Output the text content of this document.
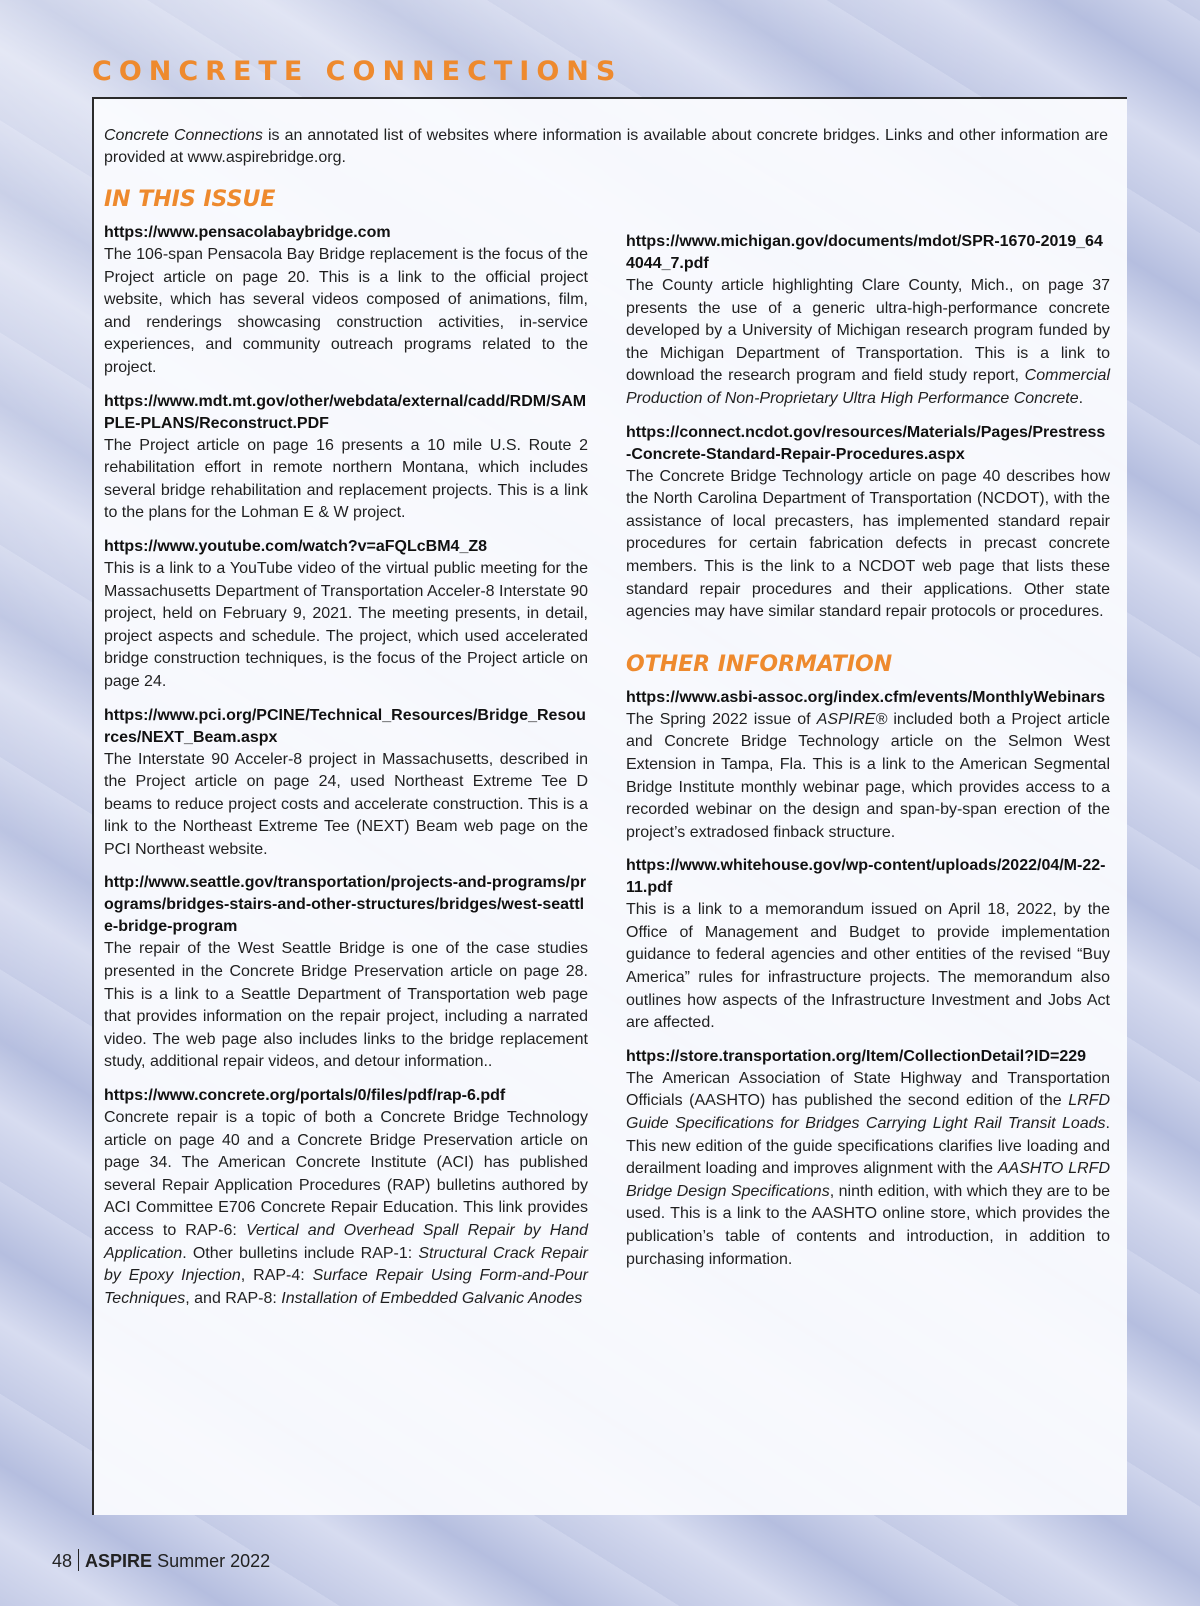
CONCRETE CONNECTIONS

Concrete Connections is an annotated list of websites where information is available about concrete bridges. Links and other information are provided at www.aspirebridge.org.

IN THIS ISSUE

https://www.pensacolabaybridge.com

The 106-span Pensacola Bay Bridge replacement is the focus of the Project article on page 20. This is a link to the official project website, which has several videos composed of animations, film, and renderings showcasing construction activities, in-service experiences, and community outreach programs related to the project.

https://www.mdt.mt.gov/other/webdata/external/cadd/RDM/SAMPLE-PLANS/Reconstruct.PDF

The Project article on page 16 presents a 10 mile U.S. Route 2 rehabilitation effort in remote northern Montana, which includes several bridge rehabilitation and replacement projects. This is a link to the plans for the Lohman E & W project.

https://www.youtube.com/watch?v=aFQLcBM4_Z8

This is a link to a YouTube video of the virtual public meeting for the Massachusetts Department of Transportation Acceler-8 Interstate 90 project, held on February 9, 2021. The meeting presents, in detail, project aspects and schedule. The project, which used accelerated bridge construction techniques, is the focus of the Project article on page 24.

https://www.pci.org/PCINE/Technical_Resources/Bridge_Resources/NEXT_Beam.aspx

The Interstate 90 Acceler-8 project in Massachusetts, described in the Project article on page 24, used Northeast Extreme Tee D beams to reduce project costs and accelerate construction. This is a link to the Northeast Extreme Tee (NEXT) Beam web page on the PCI Northeast website.

http://www.seattle.gov/transportation/projects-and-programs/programs/bridges-stairs-and-other-structures/bridges/west-seattle-bridge-program

The repair of the West Seattle Bridge is one of the case studies presented in the Concrete Bridge Preservation article on page 28. This is a link to a Seattle Department of Transportation web page that provides information on the repair project, including a narrated video. The web page also includes links to the bridge replacement study, additional repair videos, and detour information..

https://www.concrete.org/portals/0/files/pdf/rap-6.pdf

Concrete repair is a topic of both a Concrete Bridge Technology article on page 40 and a Concrete Bridge Preservation article on page 34. The American Concrete Institute (ACI) has published several Repair Application Procedures (RAP) bulletins authored by ACI Committee E706 Concrete Repair Education. This link provides access to RAP-6: Vertical and Overhead Spall Repair by Hand Application. Other bulletins include RAP-1: Structural Crack Repair by Epoxy Injection, RAP-4: Surface Repair Using Form-and-Pour Techniques, and RAP-8: Installation of Embedded Galvanic Anodes

https://www.michigan.gov/documents/mdot/SPR-1670-2019_644044_7.pdf

The County article highlighting Clare County, Mich., on page 37 presents the use of a generic ultra-high-performance concrete developed by a University of Michigan research program funded by the Michigan Department of Transportation. This is a link to download the research program and field study report, Commercial Production of Non-Proprietary Ultra High Performance Concrete.

https://connect.ncdot.gov/resources/Materials/Pages/Prestress-Concrete-Standard-Repair-Procedures.aspx

The Concrete Bridge Technology article on page 40 describes how the North Carolina Department of Transportation (NCDOT), with the assistance of local precasters, has implemented standard repair procedures for certain fabrication defects in precast concrete members. This is the link to a NCDOT web page that lists these standard repair procedures and their applications. Other state agencies may have similar standard repair protocols or procedures.

OTHER INFORMATION

https://www.asbi-assoc.org/index.cfm/events/MonthlyWebinars

The Spring 2022 issue of ASPIRE® included both a Project article and Concrete Bridge Technology article on the Selmon West Extension in Tampa, Fla. This is a link to the American Segmental Bridge Institute monthly webinar page, which provides access to a recorded webinar on the design and span-by-span erection of the project’s extradosed finback structure.

https://www.whitehouse.gov/wp-content/uploads/2022/04/M-22-11.pdf

This is a link to a memorandum issued on April 18, 2022, by the Office of Management and Budget to provide implementation guidance to federal agencies and other entities of the revised “Buy America” rules for infrastructure projects. The memorandum also outlines how aspects of the Infrastructure Investment and Jobs Act are affected.

https://store.transportation.org/Item/CollectionDetail?ID=229

The American Association of State Highway and Transportation Officials (AASHTO) has published the second edition of the LRFD Guide Specifications for Bridges Carrying Light Rail Transit Loads. This new edition of the guide specifications clarifies live loading and derailment loading and improves alignment with the AASHTO LRFD Bridge Design Specifications, ninth edition, with which they are to be used. This is a link to the AASHTO online store, which provides the publication’s table of contents and introduction, in addition to purchasing information.

48 ASPIRE Summer 2022
